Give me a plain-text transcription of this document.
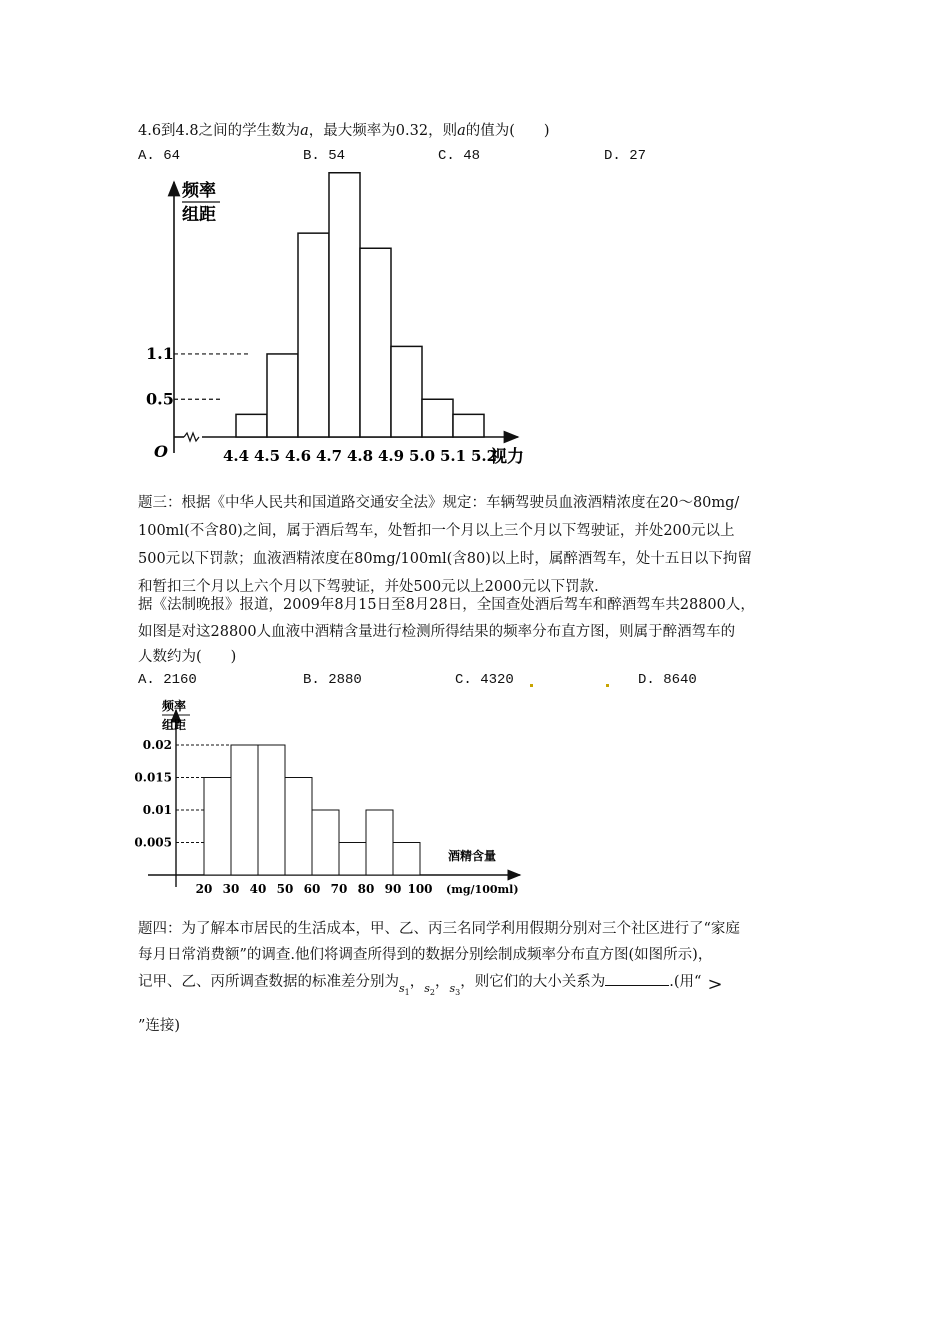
4.6到4.8之间的学生数为a，最大频率为0.32，则a的值为(　　)
A. 64	B. 54	C. 48	D. 27
0.5
1.1
4.4 4.5 4.6 4.7 4.8 4.9 5.0 5.1 5.2
O	视力
频率
组距
题三：根据《中华人民共和国道路交通安全法》规定：车辆驾驶员血液酒精浓度在20～80mg/
100ml(不含80)之间，属于酒后驾车，处暂扣一个月以上三个月以下驾驶证，并处200元以上
500元以下罚款；血液酒精浓度在80mg/100ml(含80)以上时，属醉酒驾车，处十五日以下拘留
和暂扣三个月以上六个月以下驾驶证，并处500元以上2000元以下罚款.
据《法制晚报》报道，2009年8月15日至8月28日，全国查处酒后驾车和醉酒驾车共28800人，
如图是对这28800人血液中酒精含量进行检测所得结果的频率分布直方图，则属于醉酒驾车的
人数约为(　　)
A. 2160	B. 2880	C. 4320	D. 8640
0.005
0.01
0.015
0.02
20 30 40 50 60 70 80 90 100
频率
组距
酒精含量
(mg/100ml)
题四：为了解本市居民的生活成本，甲、乙、丙三名同学利用假期分别对三个社区进行了“家庭
每月日常消费额”的调查.他们将调查所得到的数据分别绘制成频率分布直方图(如图所示)，
记甲、乙、丙所调查数据的标准差分别为$_{s_1}$，$_{s_2}$，$_{s_3}$，则它们的大小关系为	.(用“ >
”连接)
